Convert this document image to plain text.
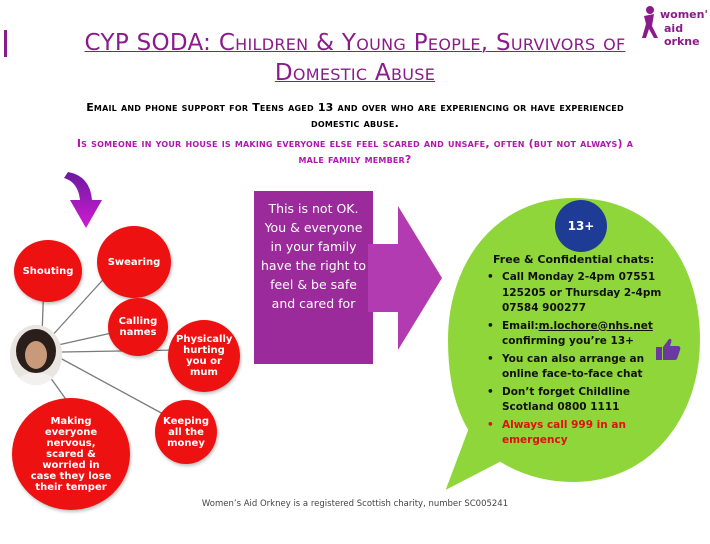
CYP SODA: Children & Young People, Survivors of
Domestic Abuse
women'
aid orkne
Email and phone support for Teens aged 13 and over who are experiencing or have experienced
domestic abuse.
Is someone in your house is making everyone else feel scared and unsafe, often (but not always) a
male family member?
Shouting
Swearing
Calling names
Physically hurting you or mum
Keeping all the money
Making everyone nervous, scared & worried in case they lose their temper
This is not OK. You & everyone in your family have the right to feel & be safe and cared for
13+
Free & Confidential chats:
• Call Monday 2-4pm 07551 125205 or Thursday 2-4pm 07584 900277
• Email:m.lochore@nhs.net confirming you’re 13+
• You can also arrange an online face-to-face chat
• Don’t forget Childline Scotland 0800 1111
• Always call 999 in an emergency
Women’s Aid Orkney is a registered Scottish charity, number SC005241
